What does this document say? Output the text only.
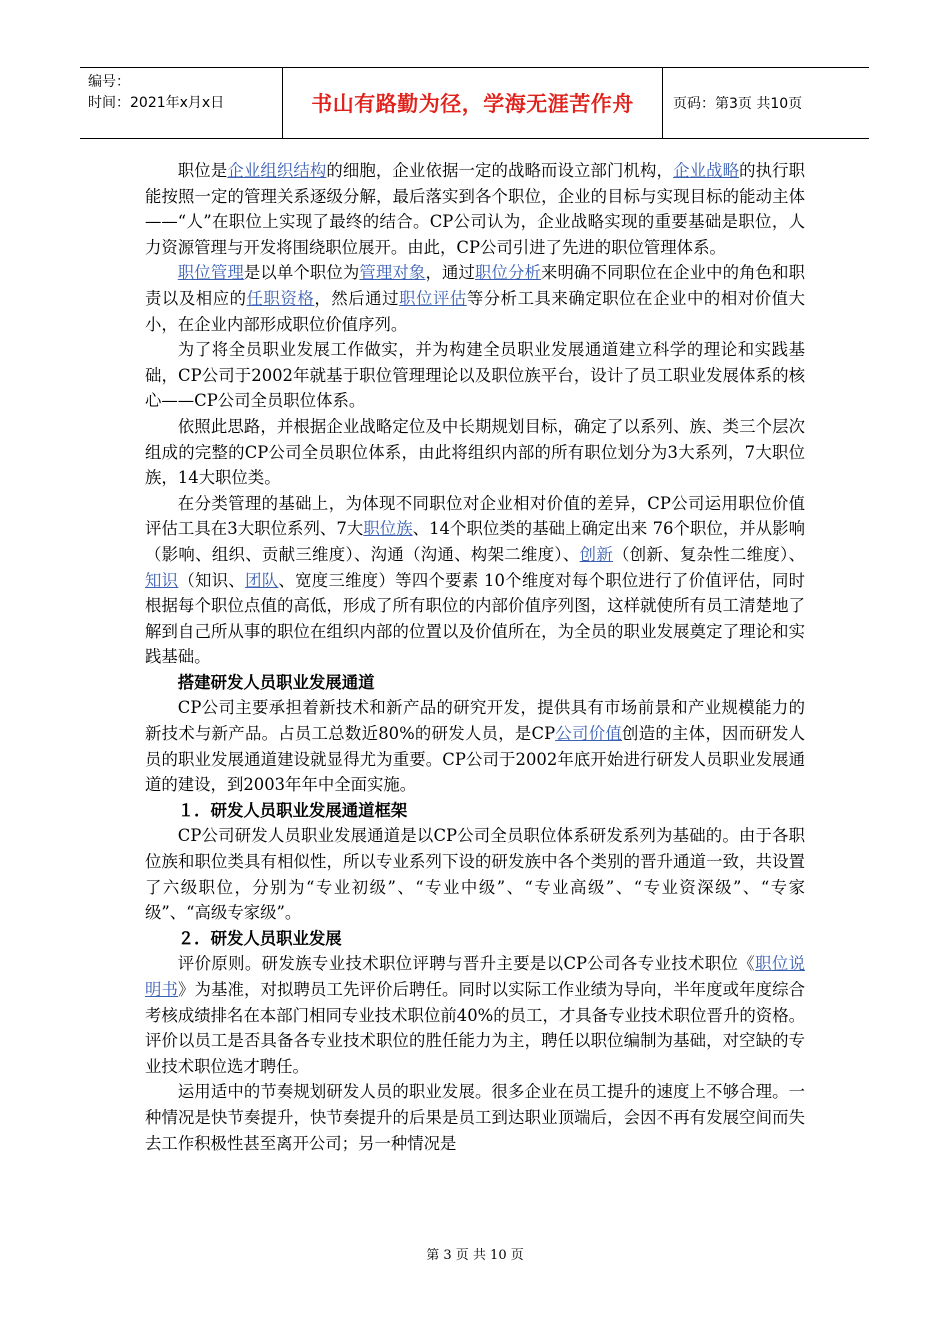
编号：
时间：2021年x月x日	书山有路勤为径，学海无涯苦作舟	页码：第3页 共10页

职位是企业组织结构的细胞，企业依据一定的战略而设立部门机构，企业战略的执行职能按照一定的管理关系逐级分解，最后落实到各个职位，企业的目标与实现目标的能动主体——“人”在职位上实现了最终的结合。CP公司认为，企业战略实现的重要基础是职位，人力资源管理与开发将围绕职位展开。由此，CP公司引进了先进的职位管理体系。

职位管理是以单个职位为管理对象，通过职位分析来明确不同职位在企业中的角色和职责以及相应的任职资格，然后通过职位评估等分析工具来确定职位在企业中的相对价值大小，在企业内部形成职位价值序列。

为了将全员职业发展工作做实，并为构建全员职业发展通道建立科学的理论和实践基础，CP公司于2002年就基于职位管理理论以及职位族平台，设计了员工职业发展体系的核心——CP公司全员职位体系。

依照此思路，并根据企业战略定位及中长期规划目标，确定了以系列、族、类三个层次组成的完整的CP公司全员职位体系，由此将组织内部的所有职位划分为3大系列，7大职位族，14大职位类。

在分类管理的基础上，为体现不同职位对企业相对价值的差异，CP公司运用职位价值评估工具在3大职位系列、7大职位族、14个职位类的基础上确定出来 76个职位，并从影响（影响、组织、贡献三维度）、沟通（沟通、构架二维度）、创新（创新、复杂性二维度）、知识（知识、团队、宽度三维度）等四个要素 10个维度对每个职位进行了价值评估，同时根据每个职位点值的高低，形成了所有职位的内部价值序列图，这样就使所有员工清楚地了解到自己所从事的职位在组织内部的位置以及价值所在，为全员的职业发展奠定了理论和实践基础。

搭建研发人员职业发展通道

CP公司主要承担着新技术和新产品的研究开发，提供具有市场前景和产业规模能力的新技术与新产品。占员工总数近80%的研发人员，是CP公司价值创造的主体，因而研发人员的职业发展通道建设就显得尤为重要。CP公司于2002年底开始进行研发人员职业发展通道的建设，到2003年年中全面实施。

１．研发人员职业发展通道框架

CP公司研发人员职业发展通道是以CP公司全员职位体系研发系列为基础的。由于各职位族和职位类具有相似性，所以专业系列下设的研发族中各个类别的晋升通道一致，共设置了六级职位，分别为“专业初级”、“专业中级”、“专业高级”、“专业资深级”、“专家级”、“高级专家级”。

２．研发人员职业发展

评价原则。研发族专业技术职位评聘与晋升主要是以CP公司各专业技术职位《职位说明书》为基准，对拟聘员工先评价后聘任。同时以实际工作业绩为导向，半年度或年度综合考核成绩排名在本部门相同专业技术职位前40%的员工，才具备专业技术职位晋升的资格。评价以员工是否具备各专业技术职位的胜任能力为主，聘任以职位编制为基础，对空缺的专业技术职位选才聘任。

运用适中的节奏规划研发人员的职业发展。很多企业在员工提升的速度上不够合理。一种情况是快节奏提升，快节奏提升的后果是员工到达职业顶端后，会因不再有发展空间而失去工作积极性甚至离开公司；另一种情况是

第 3 页 共 10 页
